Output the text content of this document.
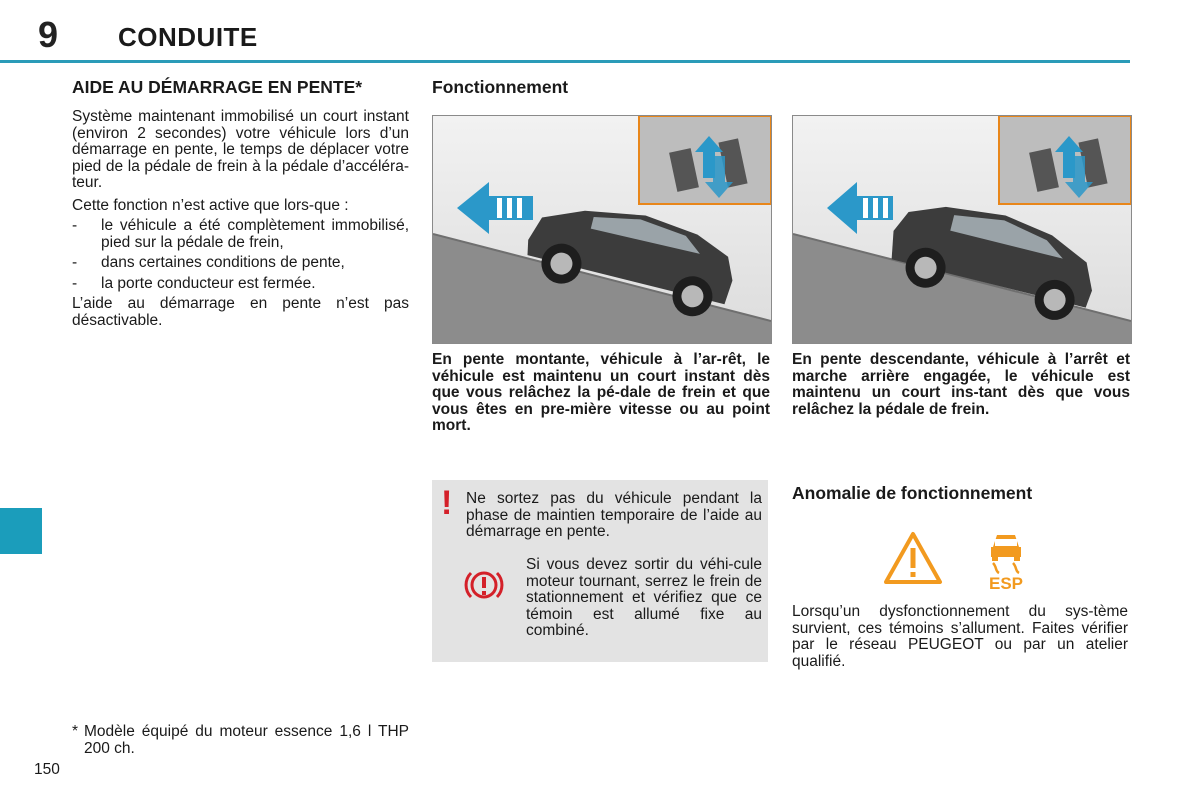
9 CONDUITE
AIDE AU DÉMARRAGE EN PENTE*

Système maintenant immobilisé un court instant (environ 2 secondes) votre véhicule lors d’un démarrage en pente, le temps de déplacer votre pied de la pédale de frein à la pédale d’accéléra-teur.

Cette fonction n’est active que lors-que :

- le véhicule a été complètement immobilisé, pied sur la pédale de frein,
- dans certaines conditions de pente,
- la porte conducteur est fermée.

L’aide au démarrage en pente n’est pas désactivable.

Fonctionnement

En pente montante, véhicule à l’ar-rêt, le véhicule est maintenu un court instant dès que vous relâchez la pé-dale de frein et que vous êtes en pre-mière vitesse ou au point mort.

En pente descendante, véhicule à l’arrêt et marche arrière engagée, le véhicule est maintenu un court ins-tant dès que vous relâchez la pédale de frein.

! Ne sortez pas du véhicule pendant la phase de maintien temporaire de l’aide au démarrage en pente.

Si vous devez sortir du véhi-cule moteur tournant, serrez le frein de stationnement et vérifiez que ce témoin est allumé fixe au combiné.

Anomalie de fonctionnement
ESP

Lorsqu’un dysfonctionnement du sys-tème survient, ces témoins s’allument. Faites vérifier par le réseau PEUGEOT ou par un atelier qualifié.

* Modèle équipé du moteur essence 1,6 l THP 200 ch.
150
